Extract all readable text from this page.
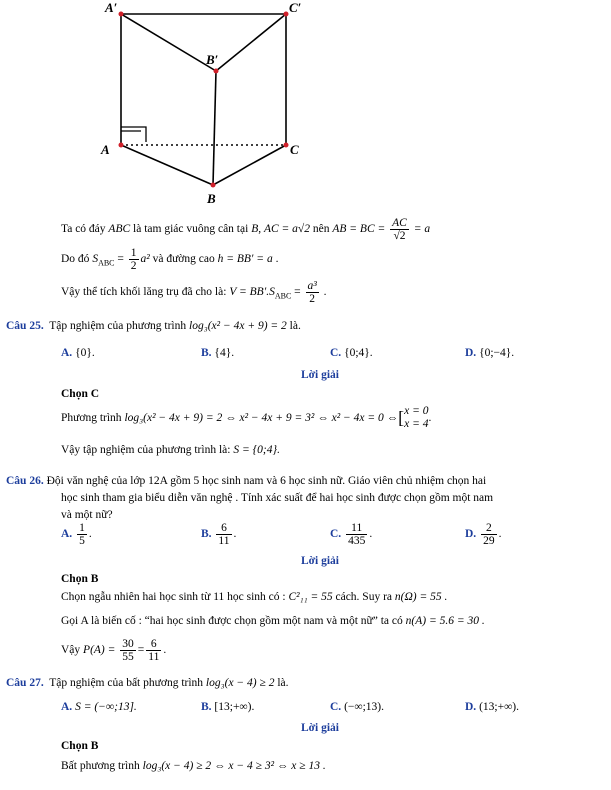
A′	C′
B′
A	C
B
Ta có đáy ABC là tam giác vuông cân tại B, AC = a√2 nên AB = BC = $\frac{AC}{√2} = a$
Do đó $S_{ABC} = \frac{1}{2} a^2$ và đường cao h = BB′ = a .
Vậy thể tích khối lăng trụ đã cho là: $V = BB'.S_{ABC} = \frac{\text{a³}}{2}$ .
Câu 25. Tập nghiệm của phương trình log₃(x² − 4x + 9) = 2 là.
A. {0}.	B. {4}.	C. {0;4}.	D. {0;−4}.
Lời giải
Chọn C
Phương trình log₃(x² − 4x + 9) = 2 ⇔ x² − 4x + 9 = 3² ⇔ x² − 4x = 0 ⇔[ x = 0
x = 4
.
Vậy tập nghiệm của phương trình là: S = {0;4}.
Câu 26. Đội văn nghệ của lớp 12A gồm 5 học sinh nam và 6 học sinh nữ. Giáo viên chủ nhiệm chọn hai
học sinh tham gia biểu diễn văn nghệ . Tính xác suất để hai học sinh được chọn gồm một nam
và một nữ?
A. $\frac{1}{5}$ .	B. $\frac{6}{11}$ .	C. $\frac{11}{435}$ .	D. $\frac{2}{29}$ .
Lời giải
Chọn B
Chọn ngẫu nhiên hai học sinh từ 11 học sinh có : C²₁₁ = 55 cách. Suy ra n(Ω) = 55 .
Gọi A là biến cố : “hai học sinh được chọn gồm một nam và một nữ” ta có n(A) = 5.6 = 30 .
Vậy $P(A) = \frac{30}{55} = \frac{6}{11}$ .
Câu 27. Tập nghiệm của bất phương trình log₃(x − 4) ≥ 2 là.
A. S = (−∞;13].	B. [13;+∞).	C. (−∞;13).	D. (13;+∞).
Lời giải
Chọn B
Bất phương trình log₃(x − 4) ≥ 2 ⇔ x − 4 ≥ 3² ⇔ x ≥ 13 .
